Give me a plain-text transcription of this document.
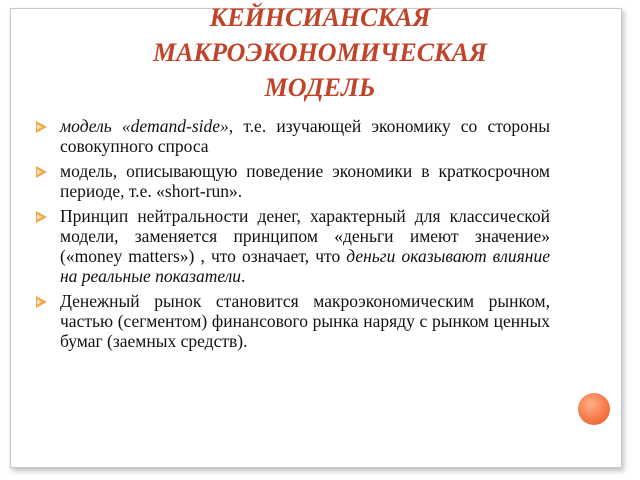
КЕЙНСИАНСКАЯ
МАКРОЭКОНОМИЧЕСКАЯ
МОДЕЛЬ
модель «demand-side», т.е. изучающей экономику со стороны совокупного спроса
модель, описывающую поведение экономики в краткосрочном периоде, т.е. «short-run».
Принцип нейтральности денег, характерный для классической модели, заменяется принципом «деньги имеют значение» («money matters») , что означает, что деньги оказывают влияние на реальные показатели.
Денежный рынок становится макроэкономическим рынком, частью (сегментом) финансового рынка наряду с рынком ценных бумаг (заемных средств).
